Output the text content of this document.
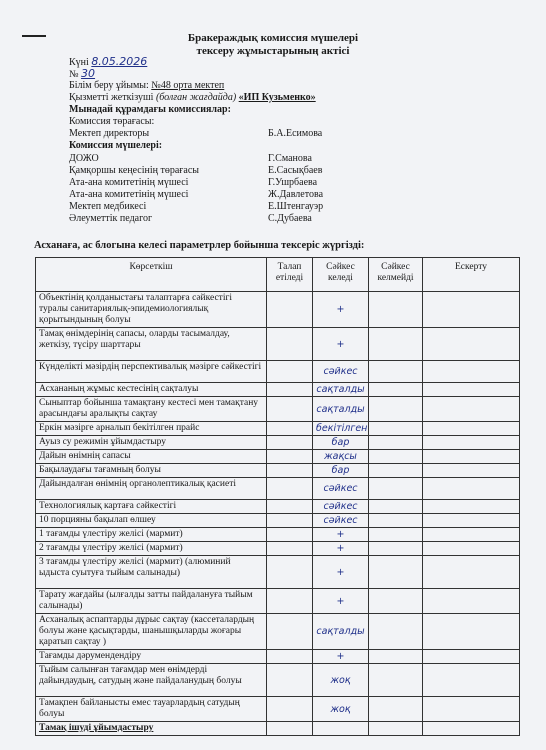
Бракераждық комиссия мүшелері
тексеру жұмыстарының актісі
Күні 8.05.2026
№ 30
Білім беру ұйымы: №48 орта мектеп
Қызметті жеткізуші (болған жағдайда) «ИП Кузьменко»
Мынадай құрамдағы комиссиялар:
Комиссия төрағасы:
Мектеп директоры	Б.А.Есимова
Комиссия мүшелері:
ДОЖО	Г.Сманова
Қамқоршы кеңесінің төрағасы	Е.Сасықбаев
Ата-ана комитетінің мүшесі	Г.Ушрбаева
Ата-ана комитетінің мүшесі	Ж.Давлетова
Мектеп медбикесі	Е.Штенгауэр
Әлеуметтік педагог	С.Дубаева
Асханаға, ас блогына келесі параметрлер бойынша тексеріс жүргізді:
Көрсеткіш	Талап етіледі	Сәйкес келеді	Сәйкес келмейді	Ескерту
Объектінің қолданыстағы талаптарға сәйкестігі туралы санитариялық-эпидемиологиялық қорытындының болуы		+		
Тамақ өнімдерінің сапасы, оларды тасымалдау, жеткізу, түсіру шарттары		+		
Күнделікті мәзірдің перспективалық мәзірге сәйкестігі		сәйкес		
Асхананың жұмыс кестесінің сақталуы		сақталды		
Сыныптар бойынша тамақтану кестесі мен тамақтану арасындағы аралықты сақтау		сақталды		
Еркін мәзірге арналып бекітілген прайс		бекітілген		
Ауыз су режимін ұйымдастыру		бар		
Дайын өнімнің сапасы		жақсы		
Бақылаудағы тағамның болуы		бар		
Дайындалған өнімнің органолептикалық қасиеті		сәйкес		
Технологиялық картаға сәйкестігі		сәйкес		
10 порцияны бақылап өлшеу		сәйкес		
1 тағамды үлестіру желісі (мармит)		+		
2 тағамды үлестіру желісі (мармит)		+		
3 тағамды үлестіру желісі (мармит) (алюминий ыдыста суытуға тыйым салынады)		+		
Тарату жағдайы (ылғалды затты пайдалануға тыйым салынады)		+		
Асханалық аспаптарды дұрыс сақтау (кассеталардың болуы және қасықтарды, шанышқыларды жоғары қаратып сақтау )		сақталды		
Тағамды дәрумендендіру		+		
Тыйым салынған тағамдар мен өнімдерді дайындаудың, сатудың және пайдаланудың болуы		жоқ		
Тамақпен байланысты емес тауарлардың сатудың болуы		жоқ		
Тамақ ішуді ұйымдастыру				
